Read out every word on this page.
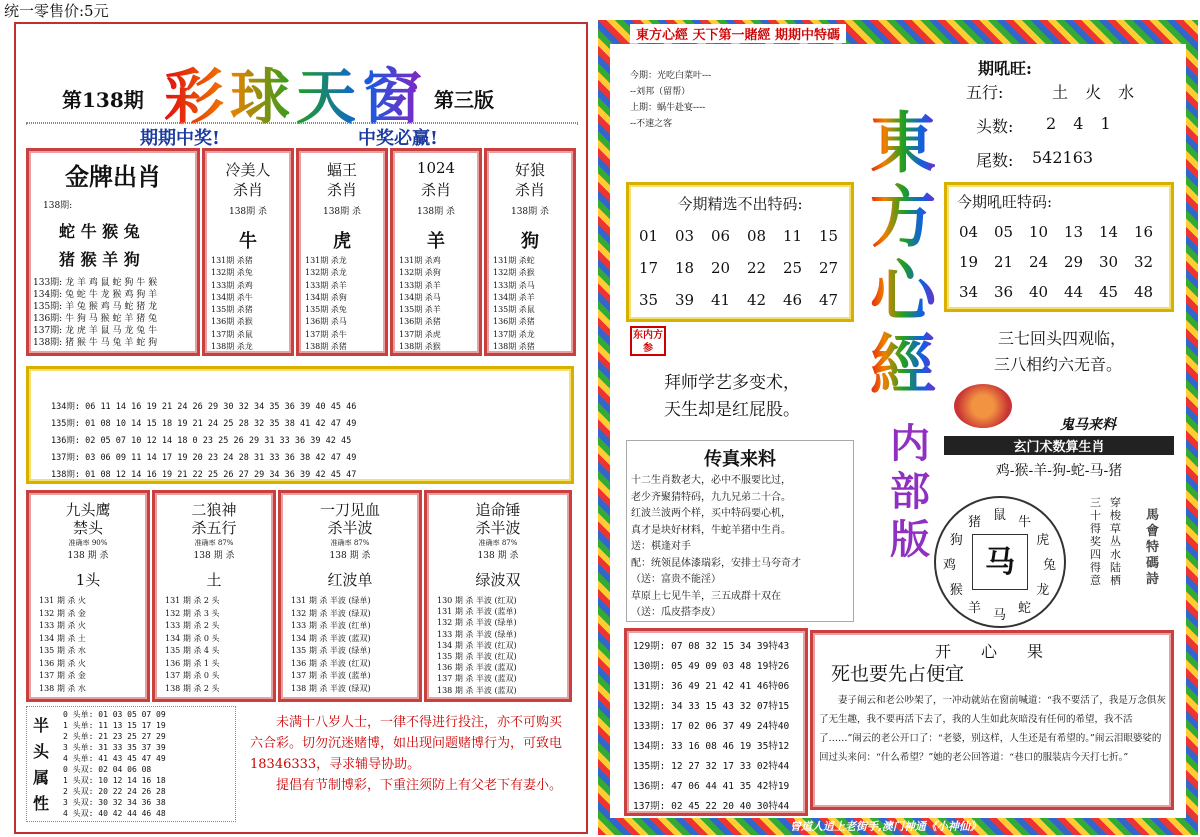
统一零售价:5元
第138期 彩球天窗 第三版
期期中奖!	中奖必赢!
金牌出肖
138期:
蛇 牛 猴 兔
猪 猴 羊 狗
133期: 龙 羊 鸡 鼠 蛇 狗 牛 猴
134期: 兔 蛇 牛 龙 猴 鸡 狗 羊
135期: 羊 兔 猴 鸡 马 蛇 猪 龙
136期: 牛 狗 马 猴 蛇 羊 猪 兔
137期: 龙 虎 羊 鼠 马 龙 兔 牛
138期: 猪 猴 牛 马 兔 羊 蛇 狗
冷美人
杀肖
138期 杀
牛
131期 杀猪
132期 杀兔
133期 杀鸡
134期 杀牛
135期 杀猪
136期 杀猴
137期 杀鼠
138期 杀龙
蝠王
杀肖
138期 杀
虎
131期 杀龙
132期 杀龙
133期 杀羊
134期 杀狗
135期 杀兔
136期 杀马
137期 杀牛
138期 杀猪
1024
杀肖
138期 杀
羊
131期 杀鸡
132期 杀狗
133期 杀羊
134期 杀马
135期 杀羊
136期 杀猪
137期 杀虎
138期 杀猴
好狼
杀肖
138期 杀
狗
131期 杀蛇
132期 杀猴
133期 杀马
134期 杀羊
135期 杀鼠
136期 杀猪
137期 杀龙
138期 杀猪
134期: 06 11 14 16 19 21 24 26 29 30 32 34 35 36 39 40 45 46
135期: 01 08 10 14 15 18 19 21 24 25 28 32 35 38 41 42 47 49
136期: 02 05 07 10 12 14 18 0 23 25 26 29 31 33 36 39 42 45
137期: 03 06 09 11 14 17 19 20 23 24 28 31 33 36 38 42 47 49
138期: 01 08 12 14 16 19 21 22 25 26 27 29 34 36 39 42 45 47
九头鹰
禁头
准确率 90%
138 期 杀
1头
131 期 杀 火
132 期 杀 金
133 期 杀 火
134 期 杀 土
135 期 杀 水
136 期 杀 火
137 期 杀 金
138 期 杀 水
二狼神
杀五行
准确率 87%
138 期 杀
土
131 期 杀 2 头
132 期 杀 3 头
133 期 杀 2 头
134 期 杀 0 头
135 期 杀 4 头
136 期 杀 1 头
137 期 杀 0 头
138 期 杀 2 头
一刀见血
杀半波
准确率 87%
138 期 杀
红波单
131 期 杀 半波 (绿单)
132 期 杀 半波 (绿双)
133 期 杀 半波 (红单)
134 期 杀 半波 (蓝双)
135 期 杀 半波 (绿单)
136 期 杀 半波 (红双)
137 期 杀 半波 (蓝单)
138 期 杀 半波 (绿双)
追命锤
杀半波
准确率 87%
138 期 杀
绿波双
130 期 杀 半波 (红双)
131 期 杀 半波 (蓝单)
132 期 杀 半波 (绿单)
133 期 杀 半波 (绿单)
134 期 杀 半波 (红双)
135 期 杀 半波 (红双)
136 期 杀 半波 (蓝双)
137 期 杀 半波 (蓝双)
138 期 杀 半波 (蓝双)
半
头
属
性
0 头单: 01 03 05 07 09
1 头单: 11 13 15 17 19
2 头单: 21 23 25 27 29
3 头单: 31 33 35 37 39
4 头单: 41 43 45 47 49
0 头双: 02 04 06 08
1 头双: 10 12 14 16 18
2 头双: 20 22 24 26 28
3 头双: 30 32 34 36 38
4 头双: 40 42 44 46 48
未满十八岁人士，一律不得进行投注，亦不可购买六合彩。切勿沉迷赌博，如出现问题赌博行为，可致电18346333，寻求辅导协助。
提倡有节制博彩，下重注须防上有父老下有妻小。
東方心經 天下第一賭經 期期中特碼
今期：光吃白菜叶---
--刘邦（留帮）
上期：蜗牛赴宴----
--不速之客
期吼旺:
五行:	土 火 水
头数: 2 4 1
尾数: 542163
東
方
心
經
内
部
版
今期精选不出特码:
01 03 06 08 11 15
17 18 20 22 25 27
35 39 41 42 46 47
今期吼旺特码:
04 05 10 13 14 16
19 21 24 29 30 32
34 36 40 44 45 48
三七回头四观临，
三八相约六无音。
鬼马来料
东内方参
拜师学艺多变术，
天生却是红屁股。
玄门术数算生肖
鸡-猴-羊-狗-蛇-马-猪
传真来料
十二生肖数老大，必中不服要比过，
老少齐聚猜特码，九九兄弟二十合。
红波兰波两个样，买中特码要心机，
真才是块好材料，牛蛇羊猪中生肖。
送：棋逢对手
配：统领昆体漆瑞彩，安排士马夸奇才
（送：富贵不能淫）
草原上七见牛羊，三五成群十双在
（送：瓜皮搭李皮）
鼠 牛
虎
兔
龙
蛇
马
羊
猴
鸡
狗
猪
马
三十得奖四得意
穿梭草丛水陆栖
馬會特碼詩
129期: 07 08 32 15 34 39特43
130期: 05 49 09 03 48 19特26
131期: 36 49 21 42 41 46特06
132期: 34 33 15 43 32 07特15
133期: 17 02 06 37 49 24特40
134期: 33 16 08 46 19 35特12
135期: 12 27 32 17 33 02特44
136期: 47 06 44 41 35 42特19
137期: 02 45 22 20 40 30特44
开心果
死也要先占便宜
妻子闹云和老公吵架了，一冲动就站在窗前喊道：“我不要活了，我是万念俱灰了无生趣，我不要再活下去了，我的人生如此灰暗没有任何的希望，我不活了……”闹云的老公开口了：“老婆，别这样，人生还是有希望的。”闹云泪眼婆娑的回过头来问：“什么希望？”她的老公回答道：“巷口的服装店今天打七折。”
曾道人逍上老街手,澳门神通《小神仙》
